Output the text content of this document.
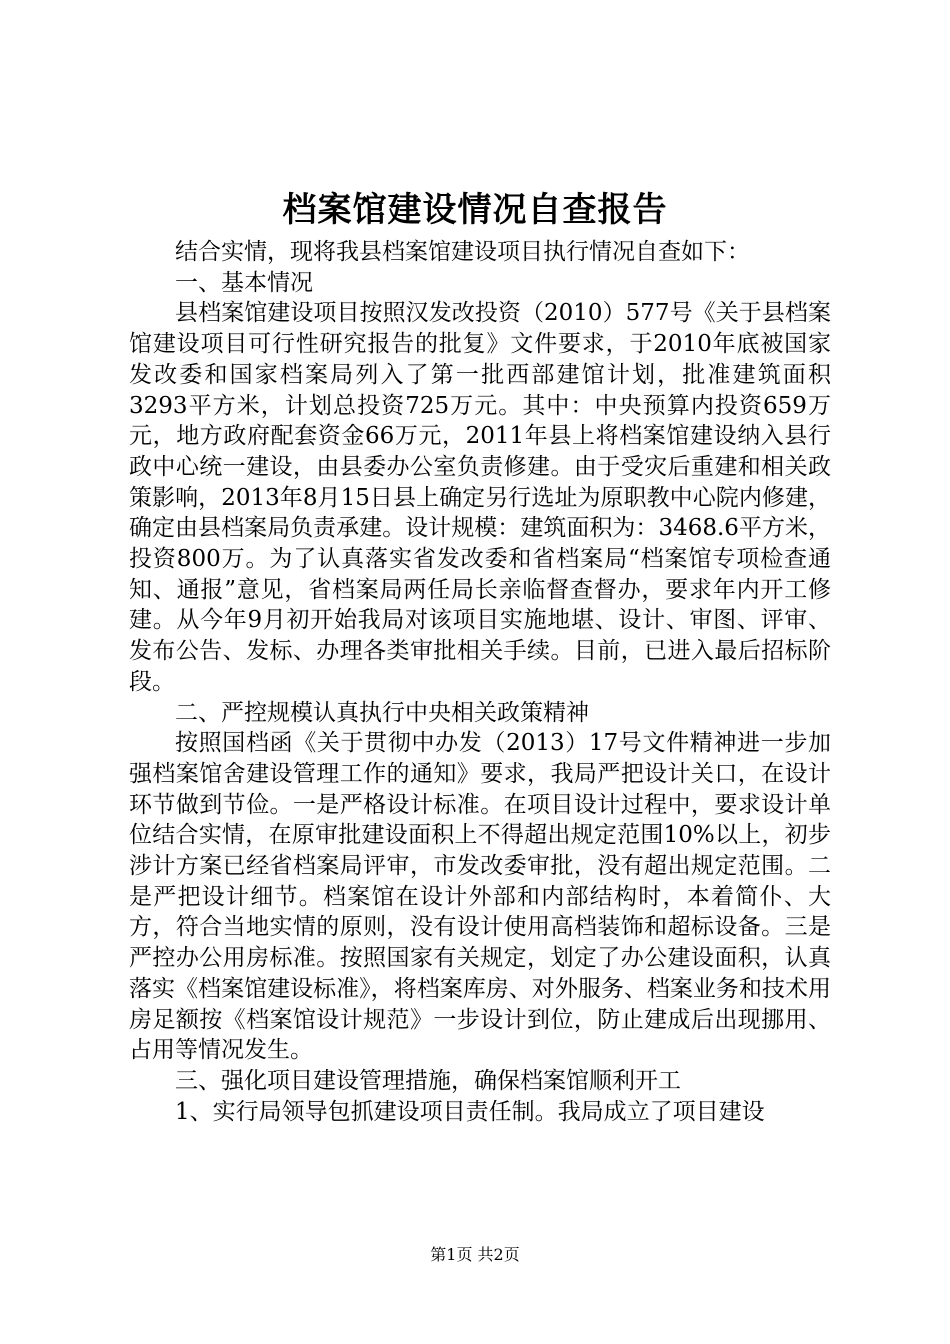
档案馆建设情况自查报告

结合实情，现将我县档案馆建设项目执行情况自查如下：

一、基本情况

县档案馆建设项目按照汉发改投资（2010）577号《关于县档案馆建设项目可行性研究报告的批复》文件要求，于2010年底被国家发改委和国家档案局列入了第一批西部建馆计划，批准建筑面积3293平方米，计划总投资725万元。其中：中央预算内投资659万元，地方政府配套资金66万元，2011年县上将档案馆建设纳入县行政中心统一建设，由县委办公室负责修建。由于受灾后重建和相关政策影响，2013年8月15日县上确定另行选址为原职教中心院内修建，确定由县档案局负责承建。设计规模：建筑面积为：3468.6平方米，投资800万。为了认真落实省发改委和省档案局“档案馆专项检查通知、通报”意见，省档案局两任局长亲临督查督办，要求年内开工修建。从今年9月初开始我局对该项目实施地堪、设计、审图、评审、发布公告、发标、办理各类审批相关手续。目前，已进入最后招标阶段。

二、严控规模认真执行中央相关政策精神

按照国档函《关于贯彻中办发（2013）17号文件精神进一步加强档案馆舍建设管理工作的通知》要求，我局严把设计关口，在设计环节做到节俭。一是严格设计标准。在项目设计过程中，要求设计单位结合实情，在原审批建设面积上不得超出规定范围10%以上，初步涉计方案已经省档案局评审，市发改委审批，没有超出规定范围。二是严把设计细节。档案馆在设计外部和内部结构时，本着简仆、大方，符合当地实情的原则，没有设计使用高档装饰和超标设备。三是严控办公用房标准。按照国家有关规定，划定了办公建设面积，认真落实《档案馆建设标准》，将档案库房、对外服务、档案业务和技术用房足额按《档案馆设计规范》一步设计到位，防止建成后出现挪用、占用等情况发生。

三、强化项目建设管理措施，确保档案馆顺利开工

1、实行局领导包抓建设项目责任制。我局成立了项目建设

第1页 共2页
